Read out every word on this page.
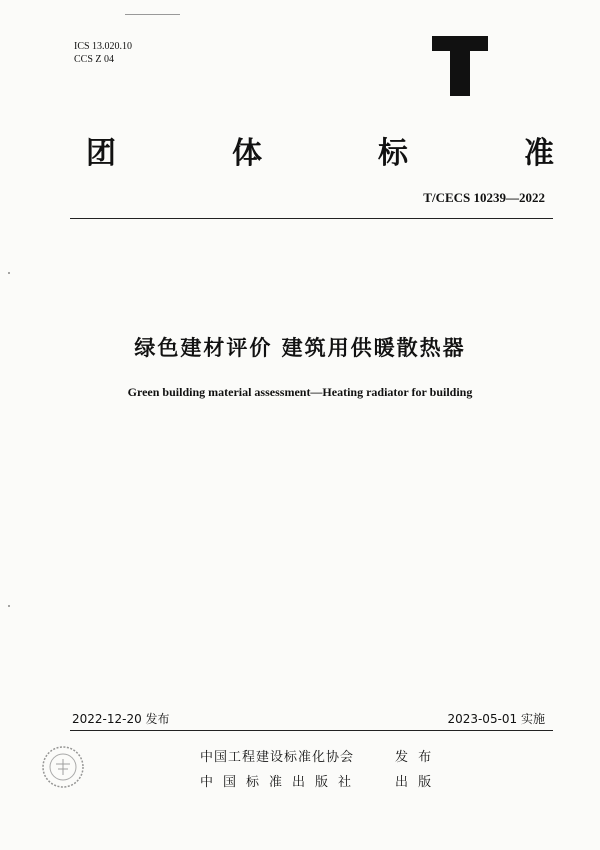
ICS 13.020.10
CCS Z 04
团	体	标	准
T/CECS 10239—2022
绿色建材评价 建筑用供暖散热器
Green building material assessment—Heating radiator for building
2022-12-20 发布	2023-05-01 实施
中国工程建设标准化协会	发 布
中国标准出版社	出 版
